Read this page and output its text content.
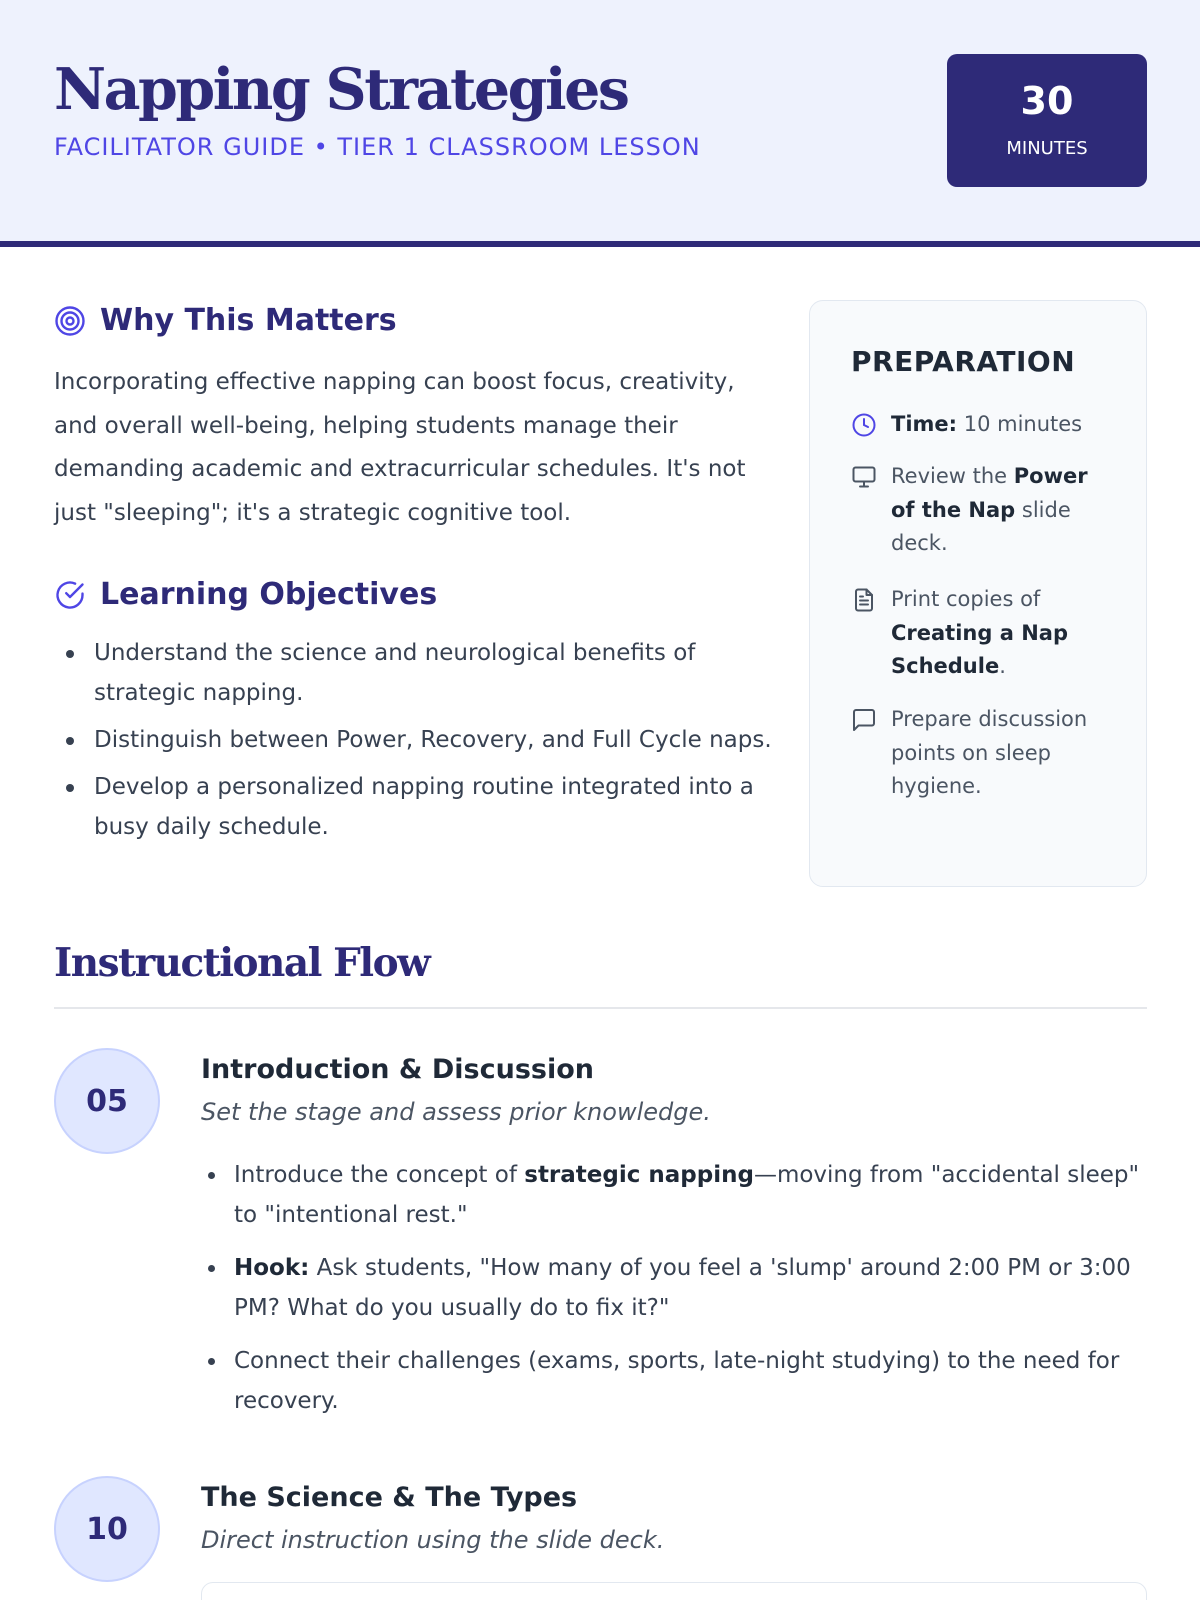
Napping Strategies
FACILITATOR GUIDE • TIER 1 CLASSROOM LESSON
30
MINUTES
Why This Matters

Incorporating effective napping can boost focus, creativity, and overall well-being, helping students manage their demanding academic and extracurricular schedules. It's not just "sleeping"; it's a strategic cognitive tool.

Learning Objectives
Understand the science and neurological benefits of strategic napping.
Distinguish between Power, Recovery, and Full Cycle naps.
Develop a personalized napping routine integrated into a busy daily schedule.
PREPARATION
Time: 10 minutes
Review the Power of the Nap slide deck.
Print copies of Creating a Nap Schedule.
Prepare discussion points on sleep hygiene.
Instructional Flow
05
Introduction & Discussion
Set the stage and assess prior knowledge.
Introduce the concept of strategic napping—moving from "accidental sleep" to "intentional rest."
Hook: Ask students, "How many of you feel a 'slump' around 2:00 PM or 3:00 PM? What do you usually do to fix it?"
Connect their challenges (exams, sports, late-night studying) to the need for recovery.
10
The Science & The Types
Direct instruction using the slide deck.
